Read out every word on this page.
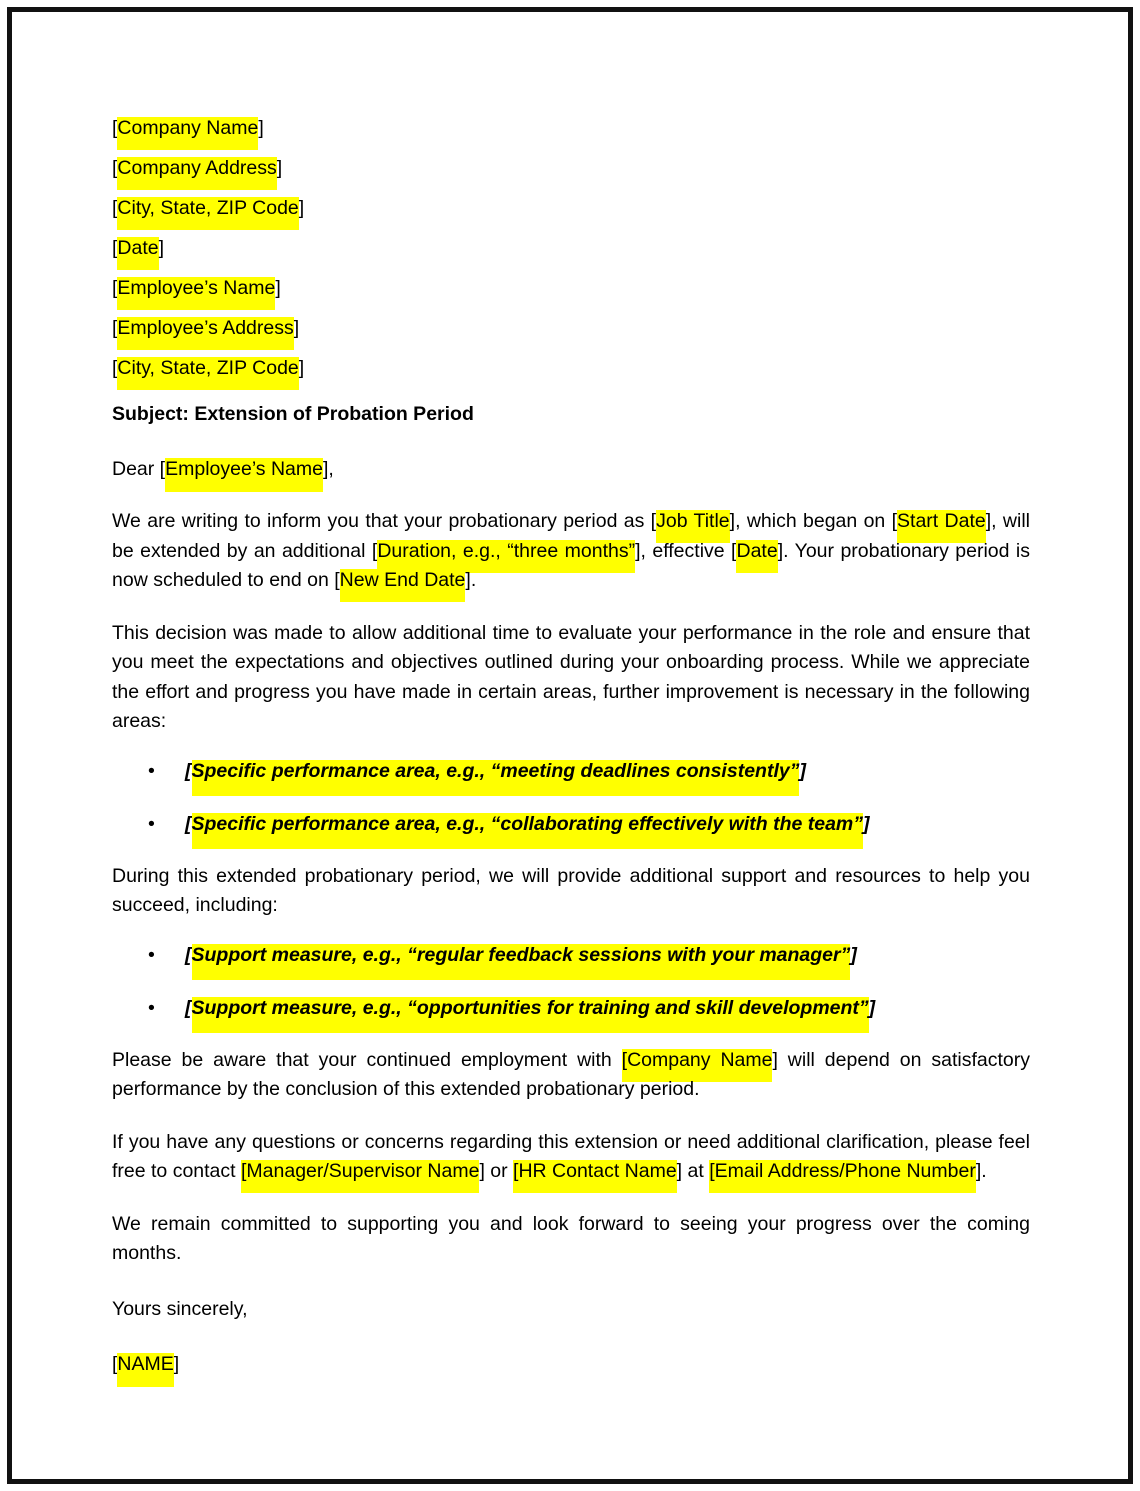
[Company Name]
[Company Address]
[City, State, ZIP Code]
[Date]
[Employee’s Name]
[Employee’s Address]
[City, State, ZIP Code]
Subject: Extension of Probation Period
Dear [Employee’s Name],

We are writing to inform you that your probationary period as [Job Title], which began on [Start Date], will be extended by an additional [Duration, e.g., “three months”], effective [Date]. Your probationary period is now scheduled to end on [New End Date].

This decision was made to allow additional time to evaluate your performance in the role and ensure that you meet the expectations and objectives outlined during your onboarding process. While we appreciate the effort and progress you have made in certain areas, further improvement is necessary in the following areas:

• [Specific performance area, e.g., “meeting deadlines consistently”]
• [Specific performance area, e.g., “collaborating effectively with the team”]

During this extended probationary period, we will provide additional support and resources to help you succeed, including:

• [Support measure, e.g., “regular feedback sessions with your manager”]
• [Support measure, e.g., “opportunities for training and skill development”]

Please be aware that your continued employment with [Company Name] will depend on satisfactory performance by the conclusion of this extended probationary period.

If you have any questions or concerns regarding this extension or need additional clarification, please feel free to contact [Manager/Supervisor Name] or [HR Contact Name] at [Email Address/Phone Number].

We remain committed to supporting you and look forward to seeing your progress over the coming months.

Yours sincerely,
[NAME]
